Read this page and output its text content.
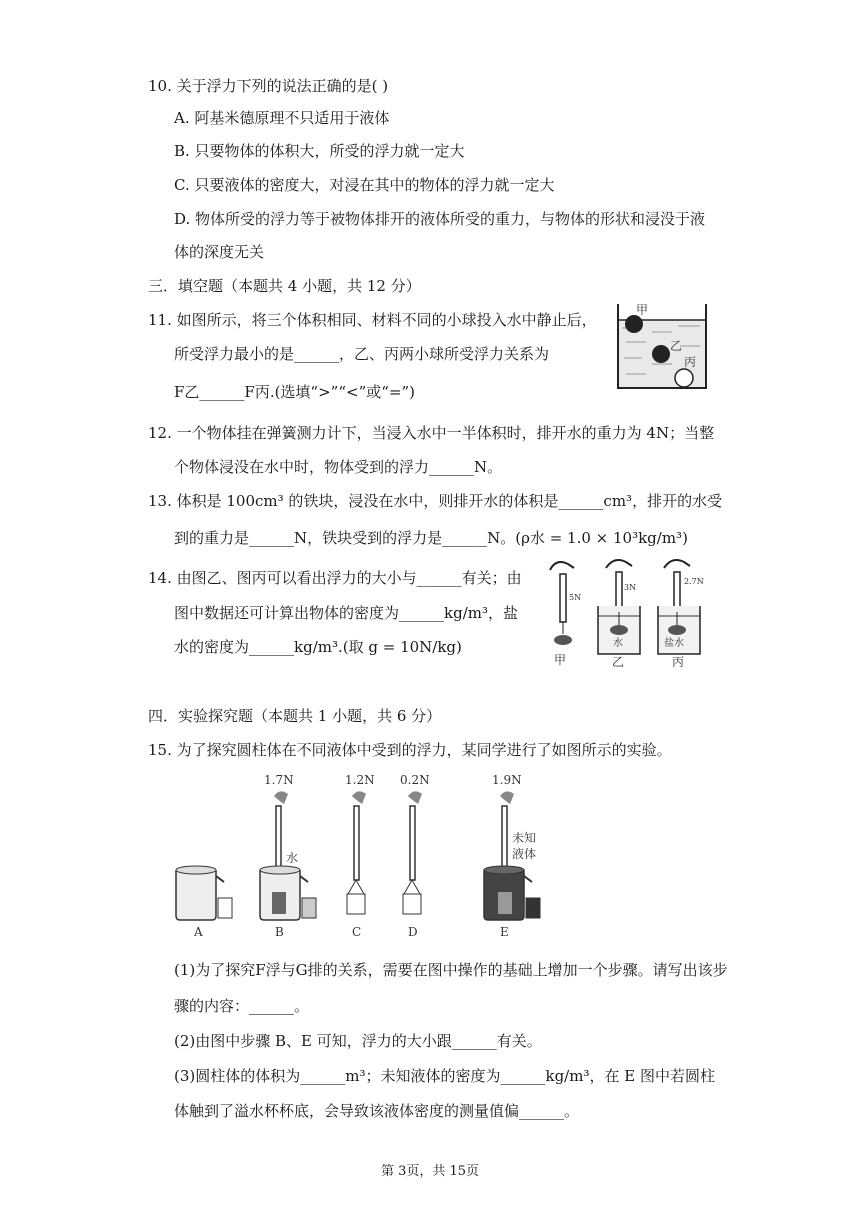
10. 关于浮力下列的说法正确的是( )
A. 阿基米德原理不只适用于液体
B. 只要物体的体积大，所受的浮力就一定大
C. 只要液体的密度大，对浸在其中的物体的浮力就一定大
D. 物体所受的浮力等于被物体排开的液体所受的重力，与物体的形状和浸没于液
体的深度无关
三．填空题（本题共 4 小题，共 12 分）
11. 如图所示，将三个体积相同、材料不同的小球投入水中静止后，
所受浮力最小的是______，乙、丙两小球所受浮力关系为
F乙______F丙.(选填“>”“<”或“=”)
甲
乙
丙
12. 一个物体挂在弹簧测力计下，当浸入水中一半体积时，排开水的重力为 4N；当整
个物体浸没在水中时，物体受到的浮力______N。
13. 体积是 100cm³ 的铁块，浸没在水中，则排开水的体积是______cm³，排开的水受
到的重力是______N，铁块受到的浮力是______N。(ρ水 = 1.0 × 10³kg/m³)
14. 由图乙、图丙可以看出浮力的大小与______有关；由
图中数据还可计算出物体的密度为______kg/m³，盐
水的密度为______kg/m³.(取 g = 10N/kg)
5N
甲
3N
水
乙
2.7N
盐水
丙
四．实验探究题（本题共 1 小题，共 6 分）
15. 为了探究圆柱体在不同液体中受到的浮力，某同学进行了如图所示的实验。
A
1.7N
水
B
1.2N
C
0.2N
D
1.9N
未知
液体
E
(1)为了探究F浮与G排的关系，需要在图中操作的基础上增加一个步骤。请写出该步
骤的内容：______。
(2)由图中步骤 B、E 可知，浮力的大小跟______有关。
(3)圆柱体的体积为______m³；未知液体的密度为______kg/m³，在 E 图中若圆柱
体触到了溢水杯杯底，会导致该液体密度的测量值偏______。
第 3页，共 15页
